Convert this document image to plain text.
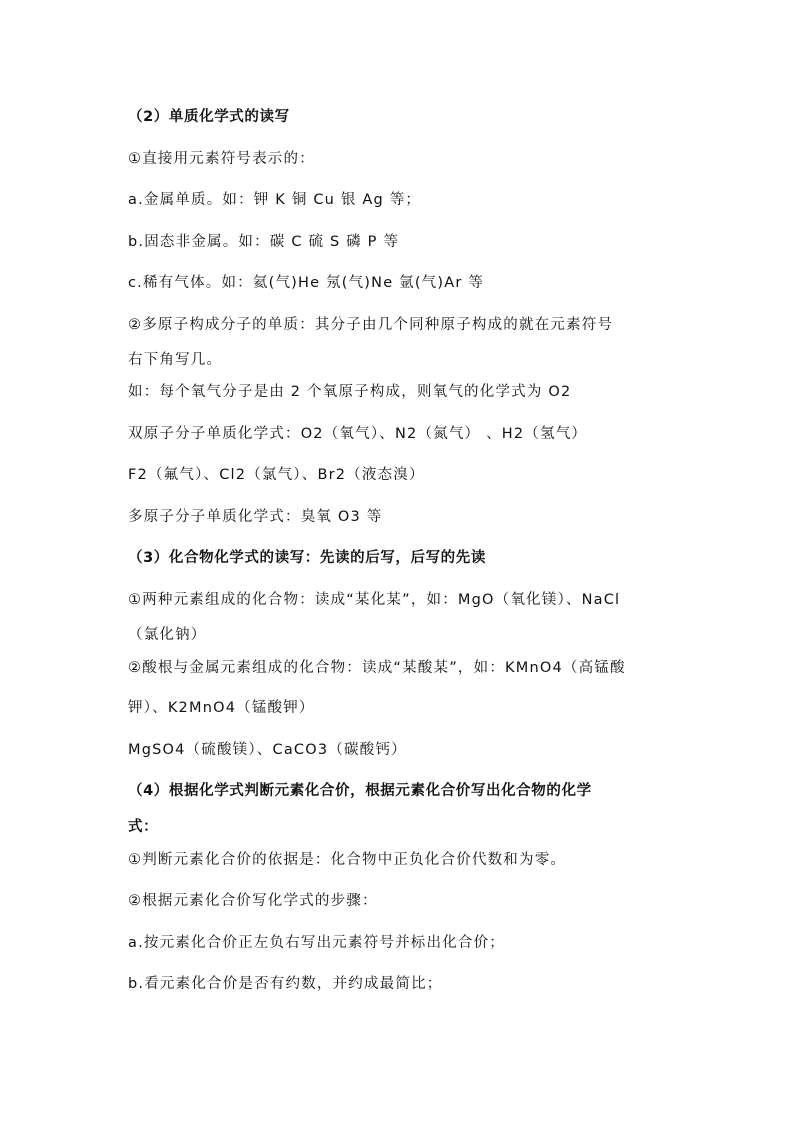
（2）单质化学式的读写

①直接用元素符号表示的：

a.金属单质。如：钾 K 铜 Cu 银 Ag 等；

b.固态非金属。如：碳 C 硫 S 磷 P 等

c.稀有气体。如：氦(气)He 氖(气)Ne 氩(气)Ar 等

②多原子构成分子的单质：其分子由几个同种原子构成的就在元素符号

右下角写几。

如：每个氧气分子是由 2 个氧原子构成，则氧气的化学式为 O2

双原子分子单质化学式：O2（氧气）、N2（氮气） 、H2（氢气）

F2（氟气）、Cl2（氯气）、Br2（液态溴）

多原子分子单质化学式：臭氧 O3 等

（3）化合物化学式的读写：先读的后写，后写的先读

①两种元素组成的化合物：读成“某化某”，如：MgO（氧化镁）、NaCl

（氯化钠）

②酸根与金属元素组成的化合物：读成“某酸某”，如：KMnO4（高锰酸

钾）、K2MnO4（锰酸钾）

MgSO4（硫酸镁）、CaCO3（碳酸钙）

（4）根据化学式判断元素化合价，根据元素化合价写出化合物的化学

式：

①判断元素化合价的依据是：化合物中正负化合价代数和为零。

②根据元素化合价写化学式的步骤：

a.按元素化合价正左负右写出元素符号并标出化合价；

b.看元素化合价是否有约数，并约成最简比；
